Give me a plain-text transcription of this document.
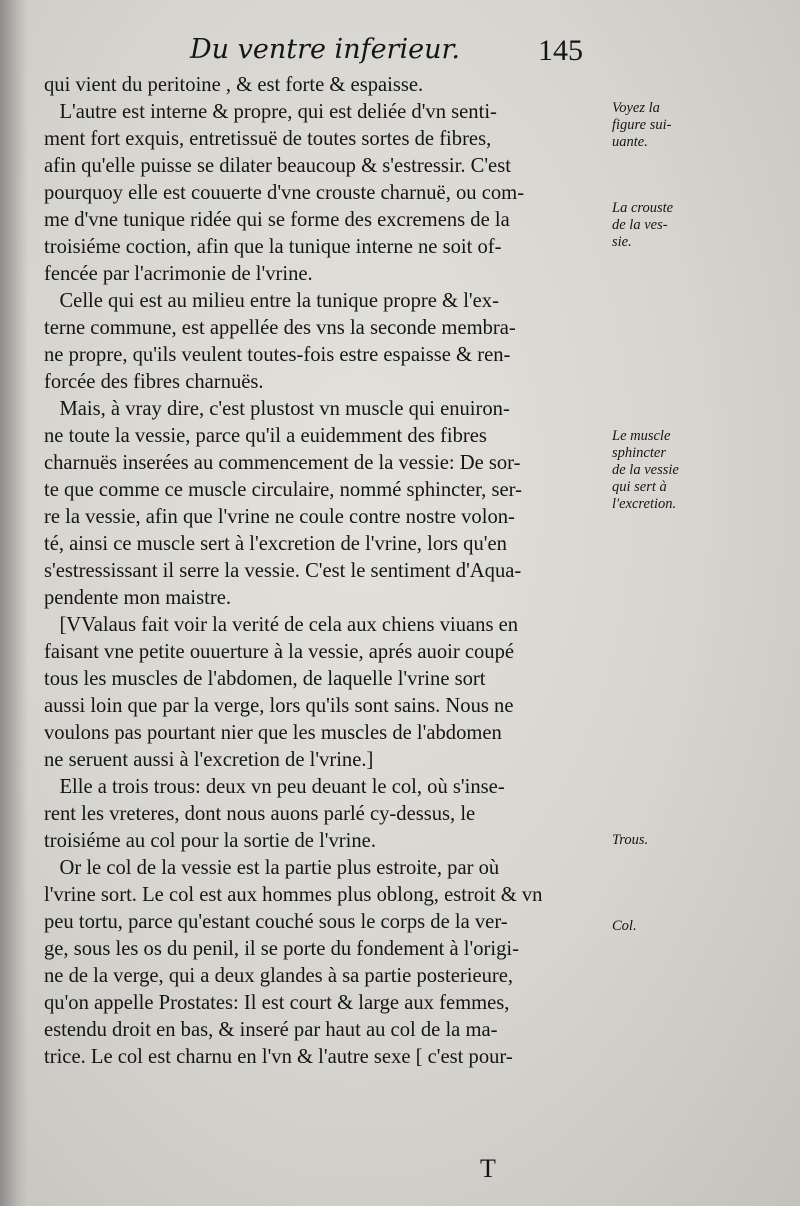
Du ventre inferieur.	145
qui vient du peritoine , & est forte & espaisse.
L'autre est interne & propre, qui est deliée d'vn senti-
ment fort exquis, entretissuë de toutes sortes de fibres,
afin qu'elle puisse se dilater beaucoup & s'estressir. C'est
pourquoy elle est couuerte d'vne crouste charnuë, ou com-
me d'vne tunique ridée qui se forme des excremens de la
troisiéme coction, afin que la tunique interne ne soit of-
fencée par l'acrimonie de l'vrine.
Celle qui est au milieu entre la tunique propre & l'ex-
terne commune, est appellée des vns la seconde membra-
ne propre, qu'ils veulent toutes-fois estre espaisse & ren-
forcée des fibres charnuës.
Mais, à vray dire, c'est plustost vn muscle qui enuiron-
ne toute la vessie, parce qu'il a euidemment des fibres
charnuës inserées au commencement de la vessie: De sor-
te que comme ce muscle circulaire, nommé sphincter, ser-
re la vessie, afin que l'vrine ne coule contre nostre volon-
té, ainsi ce muscle sert à l'excretion de l'vrine, lors qu'en
s'estressissant il serre la vessie. C'est le sentiment d'Aqua-
pendente mon maistre.
[VValaus fait voir la verité de cela aux chiens viuans en
faisant vne petite ouuerture à la vessie, aprés auoir coupé
tous les muscles de l'abdomen, de laquelle l'vrine sort
aussi loin que par la verge, lors qu'ils sont sains. Nous ne
voulons pas pourtant nier que les muscles de l'abdomen
ne seruent aussi à l'excretion de l'vrine.]
Elle a trois trous: deux vn peu deuant le col, où s'inse-
rent les vreteres, dont nous auons parlé cy-dessus, le
troisiéme au col pour la sortie de l'vrine.
Or le col de la vessie est la partie plus estroite, par où
l'vrine sort. Le col est aux hommes plus oblong, estroit & vn
peu tortu, parce qu'estant couché sous le corps de la ver-
ge, sous les os du penil, il se porte du fondement à l'origi-
ne de la verge, qui a deux glandes à sa partie posterieure,
qu'on appelle Prostates: Il est court & large aux femmes,
estendu droit en bas, & inseré par haut au col de la ma-
trice. Le col est charnu en l'vn & l'autre sexe [ c'est pour-
Voyez la
figure sui-
uante.
La crouste
de la ves-
sie.
Le muscle
sphincter
de la vessie
qui sert à
l'excretion.
Trous.
Col.
T
